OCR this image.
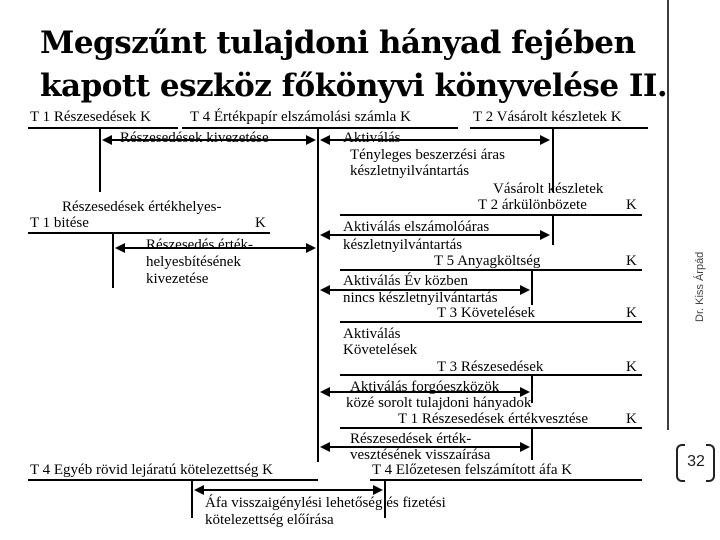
Megszűnt tulajdoni hányad fejében
kapott eszköz főkönyvi könyvelése II.
Dr. Kiss Árpád
32
T 1 Részesedések K	T 4 Értékpapír elszámolási számla K	T 2 Vásárolt készletek K
Részesedések értékhelyes-
T 1 bitése	K
Vásárolt készletek
T 2 árkülönbözete	K
T 5 Anyagköltség	K
T 3 Követelések	K
T 3 Részesedések	K
T 1 Részesedések értékvesztése	K
T 4 Egyéb rövid lejáratú kötelezettség K	T 4 Előzetesen felszámított áfa K
Részesedések kivezetése	Aktiválás
Tényleges beszerzési áras
készletnyilvántartás
Részesedés érték-
helyesbítésének
kivezetése
Aktiválás elszámolóáras
készletnyilvántartás
Aktiválás Év közben
nincs készletnyilvántartás
Aktiválás
Követelések
Aktiválás forgóeszközök
közé sorolt tulajdoni hányadok
Részesedések érték-
vesztésének visszaírása
Áfa visszaigénylési lehetőség és fizetési
kötelezettség előírása
